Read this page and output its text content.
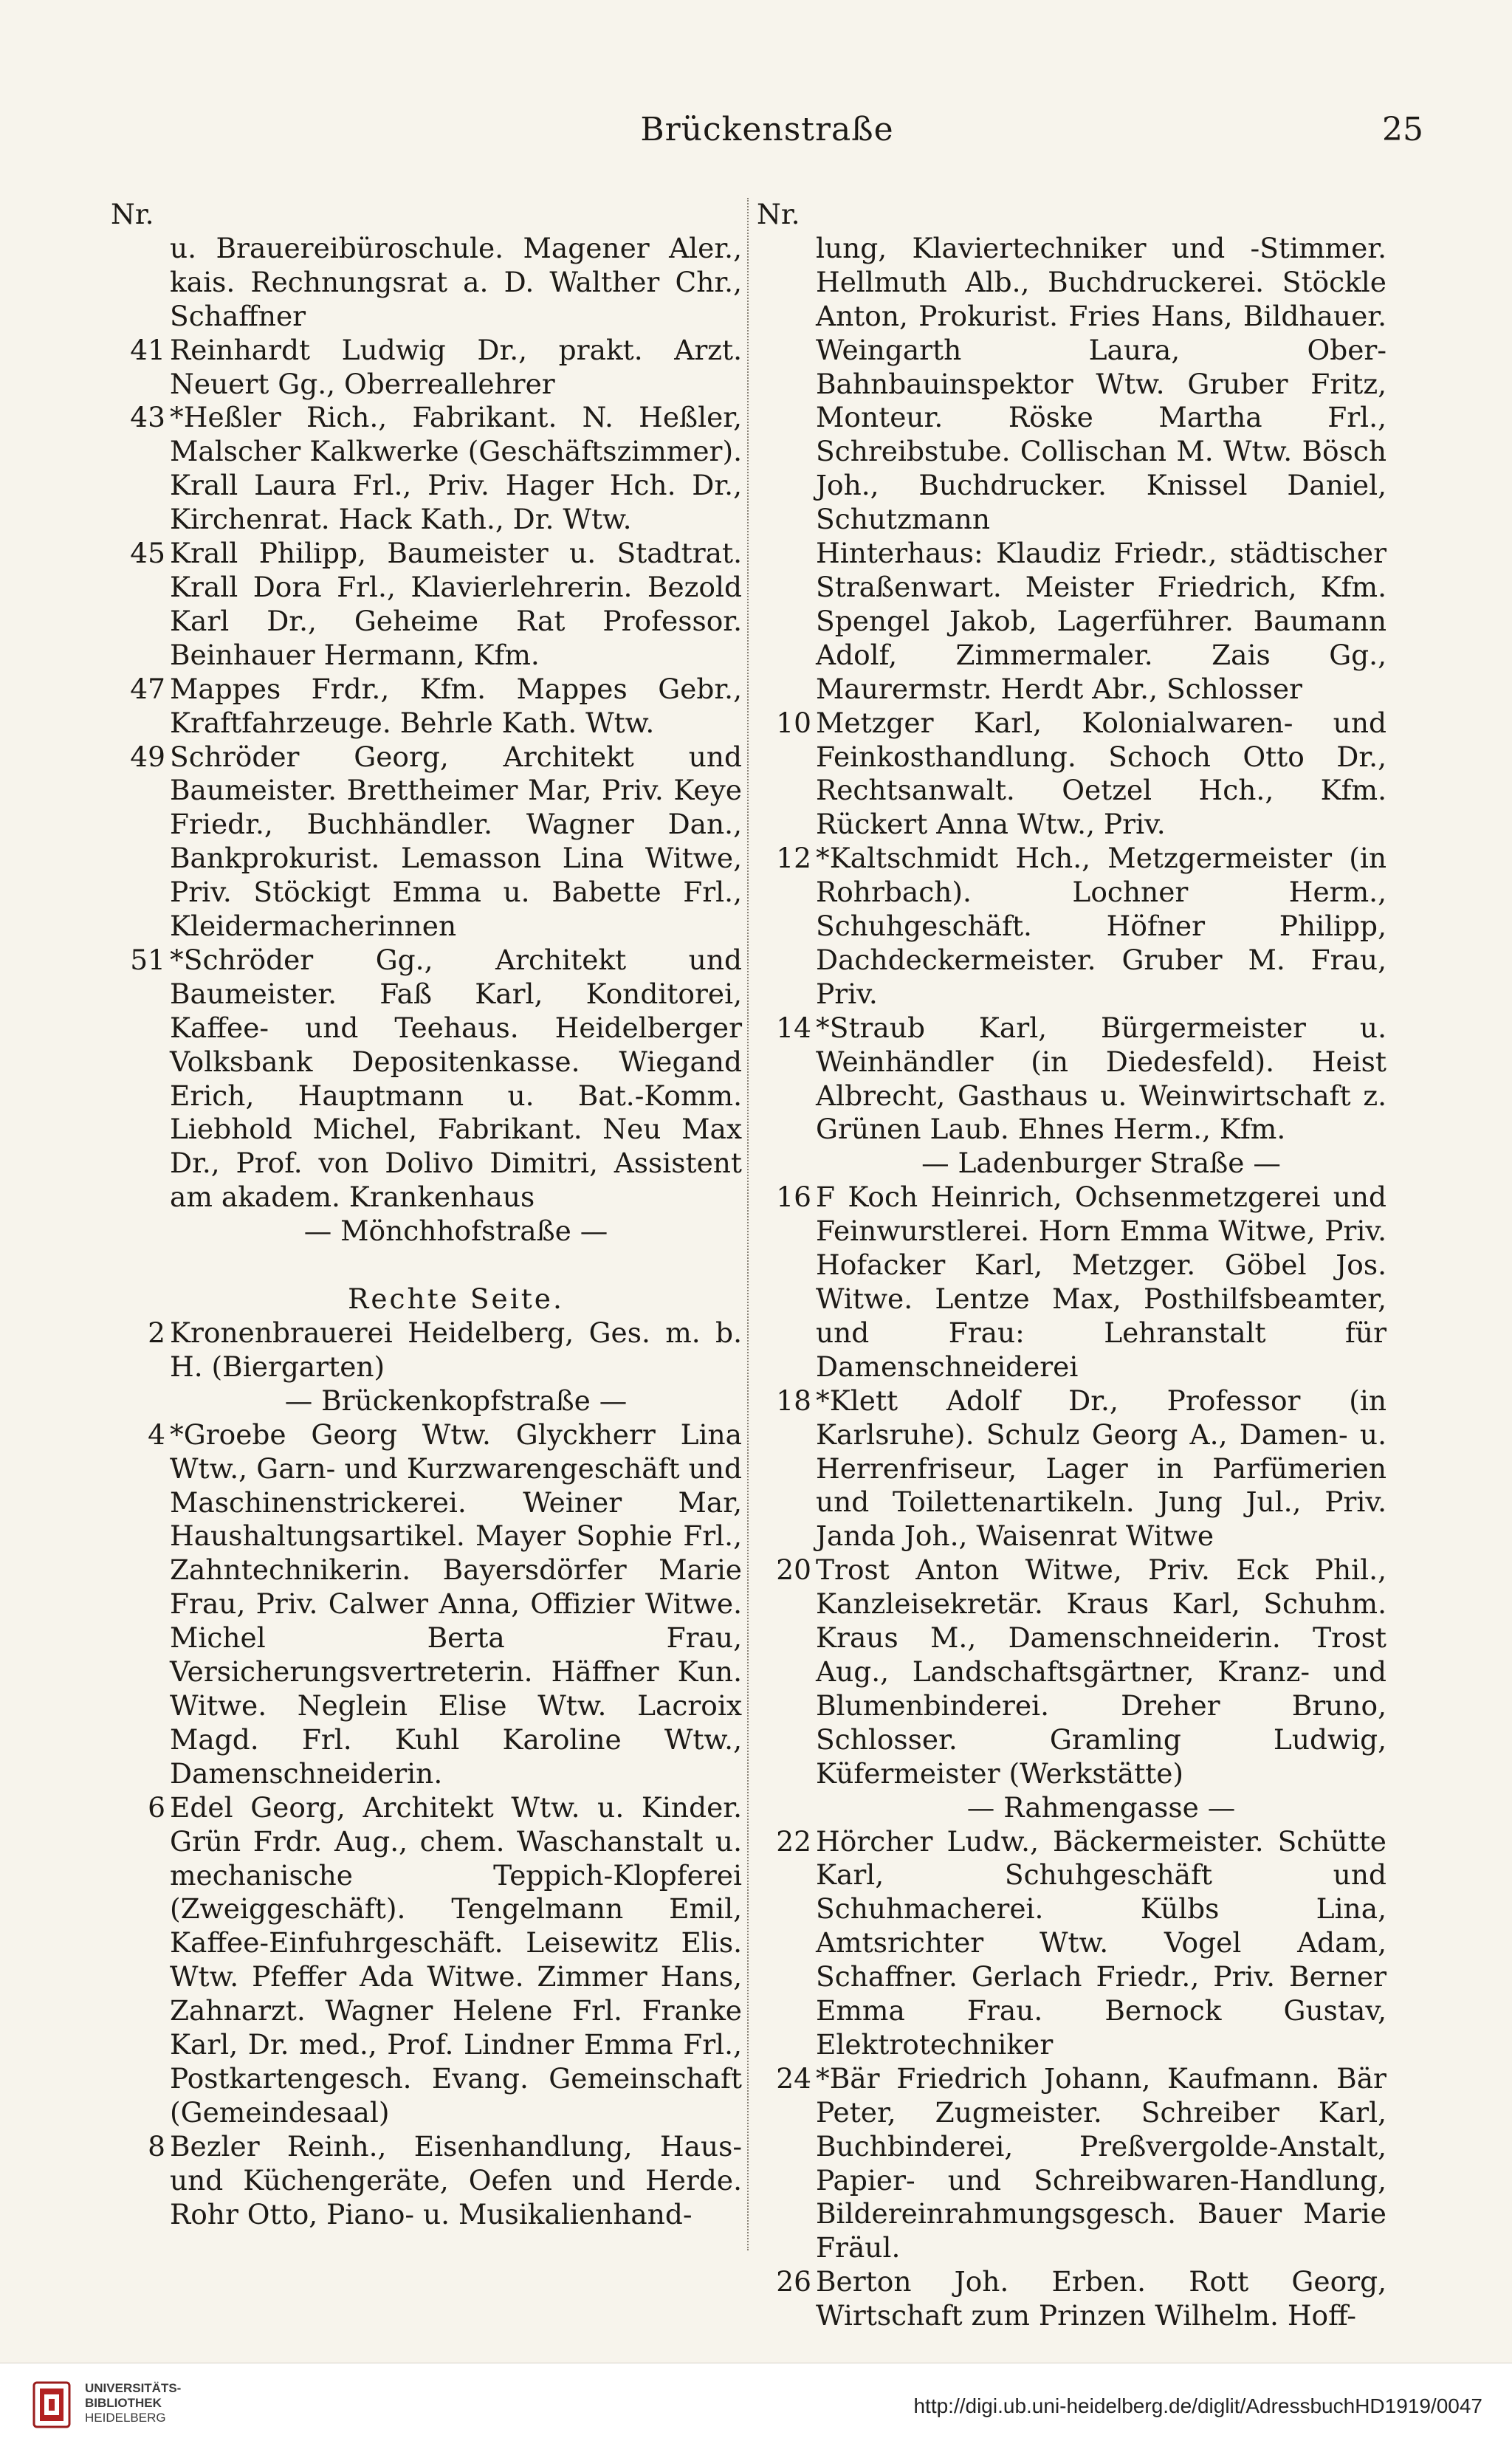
Brückenstraße	25
Nr.
u. Brauereibüroschule. Magener Aler., kais. Rechnungsrat a. D. Walther Chr., Schaffner
41 Reinhardt Ludwig Dr., prakt. Arzt. Neuert Gg., Oberreallehrer
43 *Heßler Rich., Fabrikant. N. Heßler, Malscher Kalkwerke (Geschäftszimmer). Krall Laura Frl., Priv. Hager Hch. Dr., Kirchenrat. Hack Kath., Dr. Wtw.
45 Krall Philipp, Baumeister u. Stadtrat. Krall Dora Frl., Klavierlehrerin. Bezold Karl Dr., Geheime Rat Professor. Beinhauer Hermann, Kfm.
47 Mappes Frdr., Kfm. Mappes Gebr., Kraftfahrzeuge. Behrle Kath. Wtw.
49 Schröder Georg, Architekt und Baumeister. Brettheimer Mar, Priv. Keye Friedr., Buchhändler. Wagner Dan., Bankprokurist. Lemasson Lina Witwe, Priv. Stöckigt Emma u. Babette Frl., Kleidermacherinnen
51 *Schröder Gg., Architekt und Baumeister. Faß Karl, Konditorei, Kaffee- und Teehaus. Heidelberger Volksbank Depositenkasse. Wiegand Erich, Hauptmann u. Bat.-Komm. Liebhold Michel, Fabrikant. Neu Max Dr., Prof. von Dolivo Dimitri, Assistent am akadem. Krankenhaus
— Mönchhofstraße —
Rechte Seite.
2 Kronenbrauerei Heidelberg, Ges. m. b. H. (Biergarten)
— Brückenkopfstraße —
4 *Groebe Georg Wtw. Glyckherr Lina Wtw., Garn- und Kurzwarengeschäft und Maschinenstrickerei. Weiner Mar, Haushaltungsartikel. Mayer Sophie Frl., Zahntechnikerin. Bayersdörfer Marie Frau, Priv. Calwer Anna, Offizier Witwe. Michel Berta Frau, Versicherungsvertreterin. Häffner Kun. Witwe. Neglein Elise Wtw. Lacroix Magd. Frl. Kuhl Karoline Wtw., Damenschneiderin.
6 Edel Georg, Architekt Wtw. u. Kinder. Grün Frdr. Aug., chem. Waschanstalt u. mechanische Teppich-Klopferei (Zweiggeschäft). Tengelmann Emil, Kaffee-Einfuhrgeschäft. Leisewitz Elis. Wtw. Pfeffer Ada Witwe. Zimmer Hans, Zahnarzt. Wagner Helene Frl. Franke Karl, Dr. med., Prof. Lindner Emma Frl., Postkartengesch. Evang. Gemeinschaft (Gemeindesaal)
8 Bezler Reinh., Eisenhandlung, Haus- und Küchengeräte, Oefen und Herde. Rohr Otto, Piano- u. Musikalienhand-
Nr.
lung, Klaviertechniker und -Stimmer. Hellmuth Alb., Buchdruckerei. Stöckle Anton, Prokurist. Fries Hans, Bildhauer. Weingarth Laura, Ober-Bahnbauinspektor Wtw. Gruber Fritz, Monteur. Röske Martha Frl., Schreibstube. Collischan M. Wtw. Bösch Joh., Buchdrucker. Knissel Daniel, Schutzmann
Hinterhaus: Klaudiz Friedr., städtischer Straßenwart. Meister Friedrich, Kfm. Spengel Jakob, Lagerführer. Baumann Adolf, Zimmermaler. Zais Gg., Maurermstr. Herdt Abr., Schlosser
10 Metzger Karl, Kolonialwaren- und Feinkosthandlung. Schoch Otto Dr., Rechtsanwalt. Oetzel Hch., Kfm. Rückert Anna Wtw., Priv.
12 *Kaltschmidt Hch., Metzgermeister (in Rohrbach). Lochner Herm., Schuhgeschäft. Höfner Philipp, Dachdeckermeister. Gruber M. Frau, Priv.
14 *Straub Karl, Bürgermeister u. Weinhändler (in Diedesfeld). Heist Albrecht, Gasthaus u. Weinwirtschaft z. Grünen Laub. Ehnes Herm., Kfm.
— Ladenburger Straße —
16 F Koch Heinrich, Ochsenmetzgerei und Feinwurstlerei. Horn Emma Witwe, Priv. Hofacker Karl, Metzger. Göbel Jos. Witwe. Lentze Max, Posthilfsbeamter, und Frau: Lehranstalt für Damenschneiderei
18 *Klett Adolf Dr., Professor (in Karlsruhe). Schulz Georg A., Damen- u. Herrenfriseur, Lager in Parfümerien und Toilettenartikeln. Jung Jul., Priv. Janda Joh., Waisenrat Witwe
20 Trost Anton Witwe, Priv. Eck Phil., Kanzleisekretär. Kraus Karl, Schuhm. Kraus M., Damenschneiderin. Trost Aug., Landschaftsgärtner, Kranz- und Blumenbinderei. Dreher Bruno, Schlosser. Gramling Ludwig, Küfermeister (Werkstätte)
— Rahmengasse —
22 Hörcher Ludw., Bäckermeister. Schütte Karl, Schuhgeschäft und Schuhmacherei. Külbs Lina, Amtsrichter Wtw. Vogel Adam, Schaffner. Gerlach Friedr., Priv. Berner Emma Frau. Bernock Gustav, Elektrotechniker
24 *Bär Friedrich Johann, Kaufmann. Bär Peter, Zugmeister. Schreiber Karl, Buchbinderei, Preßvergolde-Anstalt, Papier- und Schreibwaren-Handlung, Bildereinrahmungsgesch. Bauer Marie Fräul.
26 Berton Joh. Erben. Rott Georg, Wirtschaft zum Prinzen Wilhelm. Hoff-
UNIVERSITÄTS-
BIBLIOTHEK
HEIDELBERG
http://digi.ub.uni-heidelberg.de/diglit/AdressbuchHD1919/0047
